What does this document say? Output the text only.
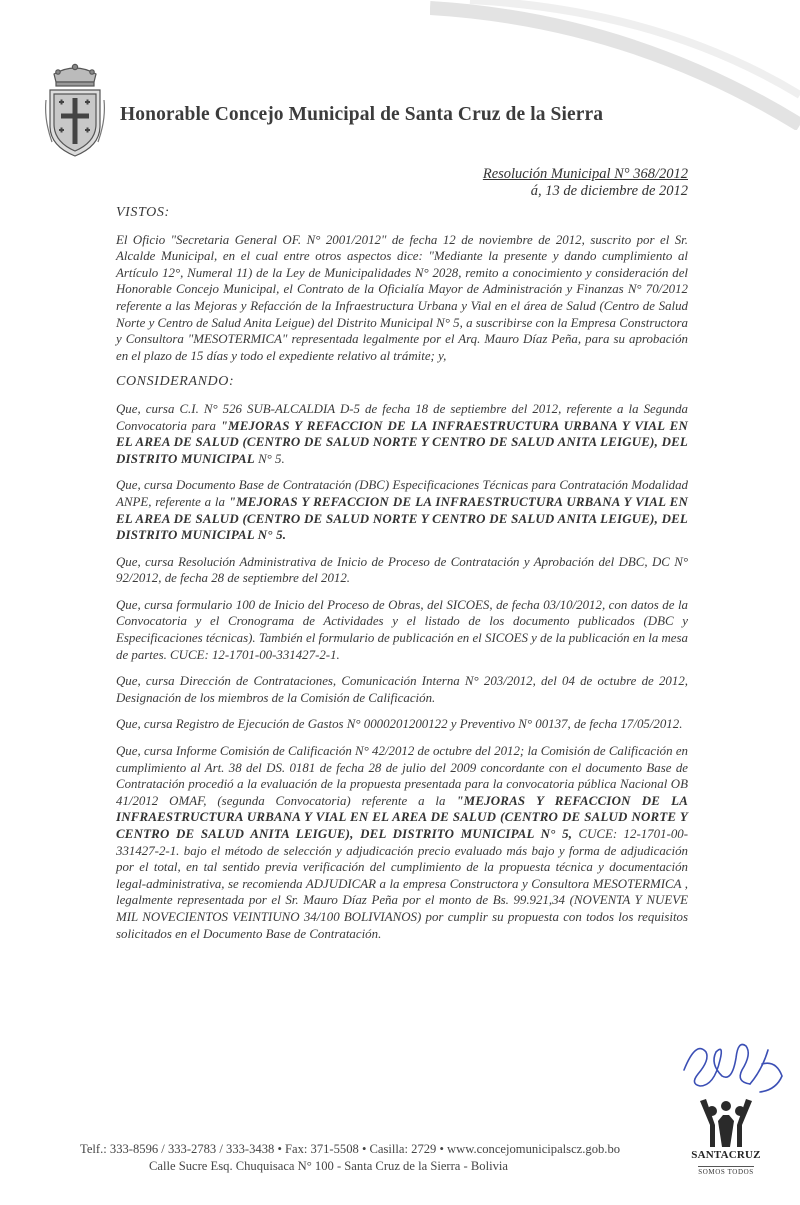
Honorable Concejo Municipal de Santa Cruz de la Sierra
Resolución Municipal N° 368/2012
á, 13 de diciembre de 2012
VISTOS:

El Oficio "Secretaria General OF. N° 2001/2012" de fecha 12 de noviembre de 2012, suscrito por el Sr. Alcalde Municipal, en el cual entre otros aspectos dice: "Mediante la presente y dando cumplimiento al Artículo 12°, Numeral 11) de la Ley de Municipalidades N° 2028, remito a conocimiento y consideración del Honorable Concejo Municipal, el Contrato de la Oficialía Mayor de Administración y Finanzas N° 70/2012 referente a las Mejoras y Refacción de la Infraestructura Urbana y Vial en el área de Salud (Centro de Salud Norte y Centro de Salud Anita Leigue) del Distrito Municipal N° 5, a suscribirse con la Empresa Constructora y Consultora "MESOTERMICA" representada legalmente por el Arq. Mauro Díaz Peña, para su aprobación en el plazo de 15 días y todo el expediente relativo al trámite; y,

CONSIDERANDO:

Que, cursa C.I. N° 526 SUB-ALCALDIA D-5 de fecha 18 de septiembre del 2012, referente a la Segunda Convocatoria para "MEJORAS Y REFACCION DE LA INFRAESTRUCTURA URBANA Y VIAL EN EL AREA DE SALUD (CENTRO DE SALUD NORTE Y CENTRO DE SALUD ANITA LEIGUE), DEL DISTRITO MUNICIPAL N° 5.

Que, cursa Documento Base de Contratación (DBC) Especificaciones Técnicas para Contratación Modalidad ANPE, referente a la "MEJORAS Y REFACCION DE LA INFRAESTRUCTURA URBANA Y VIAL EN EL AREA DE SALUD (CENTRO DE SALUD NORTE Y CENTRO DE SALUD ANITA LEIGUE), DEL DISTRITO MUNICIPAL N° 5.

Que, cursa Resolución Administrativa de Inicio de Proceso de Contratación y Aprobación del DBC, DC N° 92/2012, de fecha 28 de septiembre del 2012.

Que, cursa formulario 100 de Inicio del Proceso de Obras, del SICOES, de fecha 03/10/2012, con datos de la Convocatoria y el Cronograma de Actividades y el listado de los documento publicados (DBC y Especificaciones técnicas). También el formulario de publicación en el SICOES y de la publicación en la mesa de partes. CUCE: 12-1701-00-331427-2-1.

Que, cursa Dirección de Contrataciones, Comunicación Interna N° 203/2012, del 04 de octubre de 2012, Designación de los miembros de la Comisión de Calificación.

Que, cursa Registro de Ejecución de Gastos N° 0000201200122 y Preventivo N° 00137, de fecha 17/05/2012.

Que, cursa Informe Comisión de Calificación N° 42/2012 de octubre del 2012; la Comisión de Calificación en cumplimiento al Art. 38 del DS. 0181 de fecha 28 de julio del 2009 concordante con el documento Base de Contratación procedió a la evaluación de la propuesta presentada para la convocatoria pública Nacional OB 41/2012 OMAF, (segunda Convocatoria) referente a la "MEJORAS Y REFACCION DE LA INFRAESTRUCTURA URBANA Y VIAL EN EL AREA DE SALUD (CENTRO DE SALUD NORTE Y CENTRO DE SALUD ANITA LEIGUE), DEL DISTRITO MUNICIPAL N° 5, CUCE: 12-1701-00-331427-2-1. bajo el método de selección y adjudicación precio evaluado más bajo y forma de adjudicación por el total, en tal sentido previa verificación del cumplimiento de la propuesta técnica y documentación legal-administrativa, se recomienda ADJUDICAR a la empresa Constructora y Consultora MESOTERMICA , legalmente representada por el Sr. Mauro Díaz Peña por el monto de Bs. 99.921,34 (NOVENTA Y NUEVE MIL NOVECIENTOS VEINTIUNO 34/100 BOLIVIANOS) por cumplir su propuesta con todos los requisitos solicitados en el Documento Base de Contratación.

SANTACRUZ
SOMOS TODOS
Telf.: 333-8596 / 333-2783 / 333-3438 • Fax: 371-5508 • Casilla: 2729 • www.concejomunicipalscz.gob.bo
Calle Sucre Esq. Chuquisaca N° 100 - Santa Cruz de la Sierra - Bolivia
